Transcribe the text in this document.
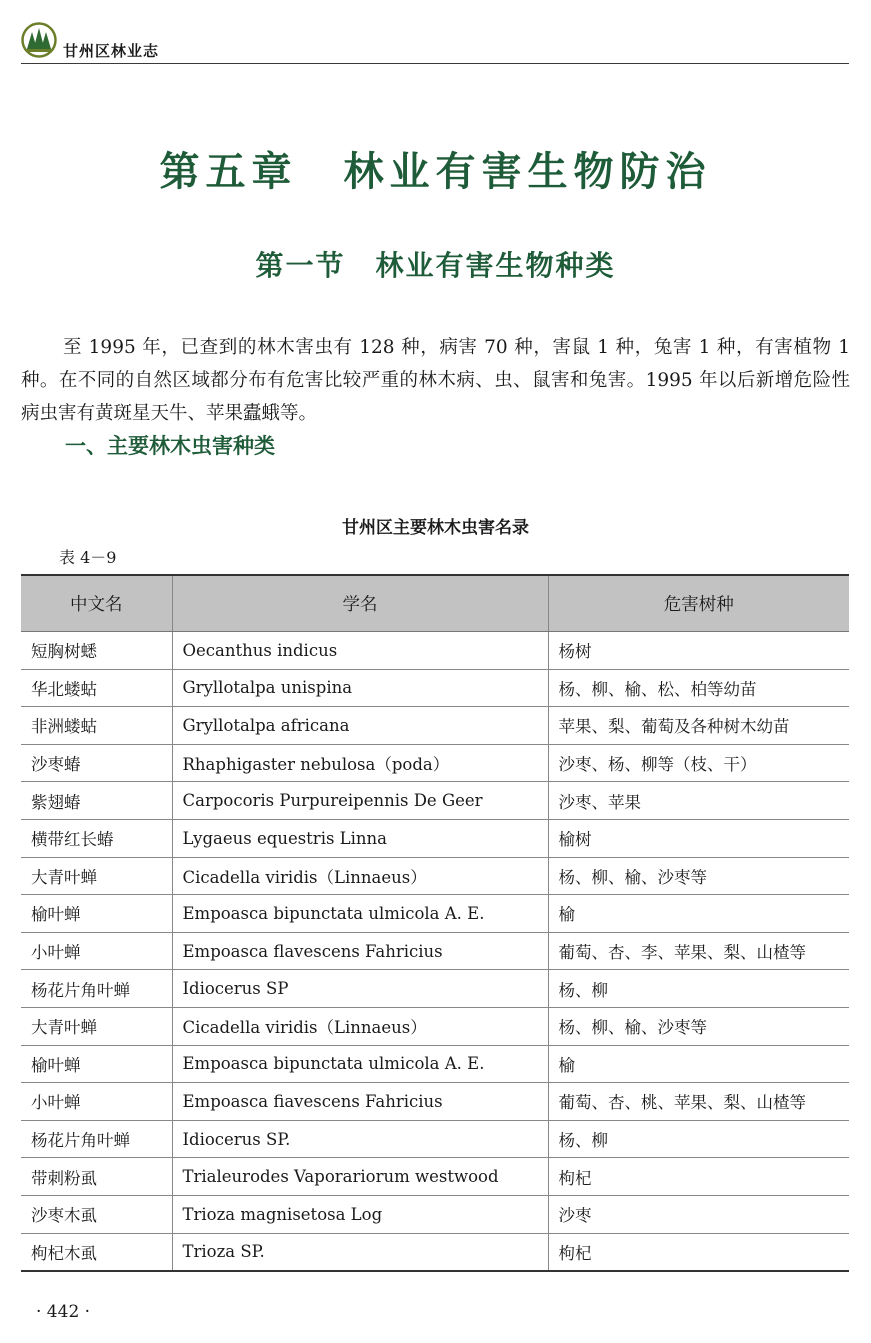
甘州区林业志
第五章　林业有害生物防治
第一节　林业有害生物种类

至 1995 年，已查到的林木害虫有 128 种，病害 70 种，害鼠 1 种，兔害 1 种，有害植物 1 种。在不同的自然区域都分布有危害比较严重的林木病、虫、鼠害和兔害。1995 年以后新增危险性病虫害有黄斑星天牛、苹果蠹蛾等。

一、主要林木虫害种类
甘州区主要林木虫害名录
表 4－9
中文名	学名	危害树种
短胸树蟋	Oecanthus indicus	杨树
华北蝼蛄	Gryllotalpa unispina	杨、柳、榆、松、柏等幼苗
非洲蝼蛄	Gryllotalpa africana	苹果、梨、葡萄及各种树木幼苗
沙枣蝽	Rhaphigaster nebulosa（poda）	沙枣、杨、柳等（枝、干）
紫翅蝽	Carpocoris Purpureipennis De Geer	沙枣、苹果
横带红长蝽	Lygaeus equestris Linna	榆树
大青叶蝉	Cicadella viridis（Linnaeus）	杨、柳、榆、沙枣等
榆叶蝉	Empoasca bipunctata ulmicola A. E.	榆
小叶蝉	Empoasca flavescens Fahricius	葡萄、杏、李、苹果、梨、山楂等
杨花片角叶蝉	Idiocerus SP	杨、柳
大青叶蝉	Cicadella viridis（Linnaeus）	杨、柳、榆、沙枣等
榆叶蝉	Empoasca bipunctata ulmicola A. E.	榆
小叶蝉	Empoasca fiavescens Fahricius	葡萄、杏、桃、苹果、梨、山楂等
杨花片角叶蝉	Idiocerus SP.	杨、柳
带刺粉虱	Trialeurodes Vaporariorum westwood	枸杞
沙枣木虱	Trioza magnisetosa Log	沙枣
枸杞木虱	Trioza SP.	枸杞
· 442 ·
